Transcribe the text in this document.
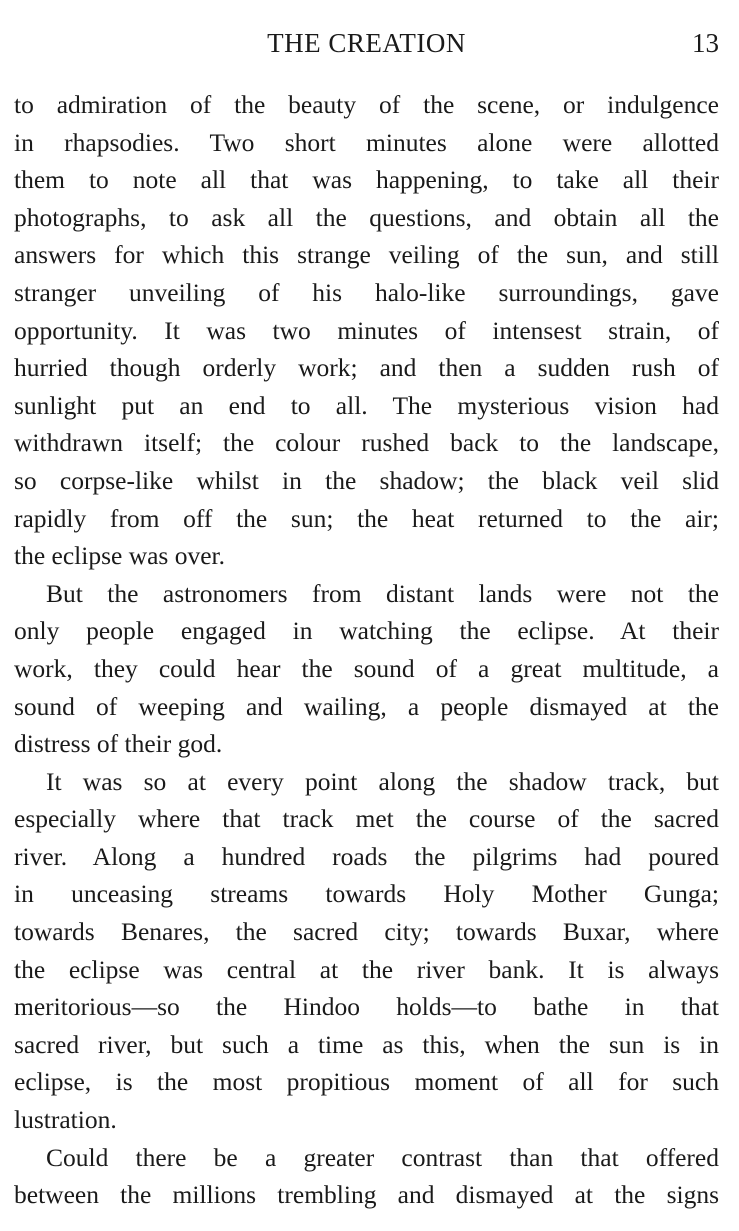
THE CREATION	13
to admiration of the beauty of the scene, or indulgence
in rhapsodies. Two short minutes alone were allotted
them to note all that was happening, to take all their
photographs, to ask all the questions, and obtain all the
answers for which this strange veiling of the sun, and still
stranger unveiling of his halo-like surroundings, gave
opportunity. It was two minutes of intensest strain, of
hurried though orderly work; and then a sudden rush of
sunlight put an end to all. The mysterious vision had
withdrawn itself; the colour rushed back to the landscape,
so corpse-like whilst in the shadow; the black veil slid
rapidly from off the sun; the heat returned to the air;
the eclipse was over.
But the astronomers from distant lands were not the
only people engaged in watching the eclipse. At their
work, they could hear the sound of a great multitude, a
sound of weeping and wailing, a people dismayed at the
distress of their god.
It was so at every point along the shadow track, but
especially where that track met the course of the sacred
river. Along a hundred roads the pilgrims had poured
in unceasing streams towards Holy Mother Gunga;
towards Benares, the sacred city; towards Buxar, where
the eclipse was central at the river bank. It is always
meritorious—so the Hindoo holds—to bathe in that
sacred river, but such a time as this, when the sun is in
eclipse, is the most propitious moment of all for such
lustration.
Could there be a greater contrast than that offered
between the millions trembling and dismayed at the signs
